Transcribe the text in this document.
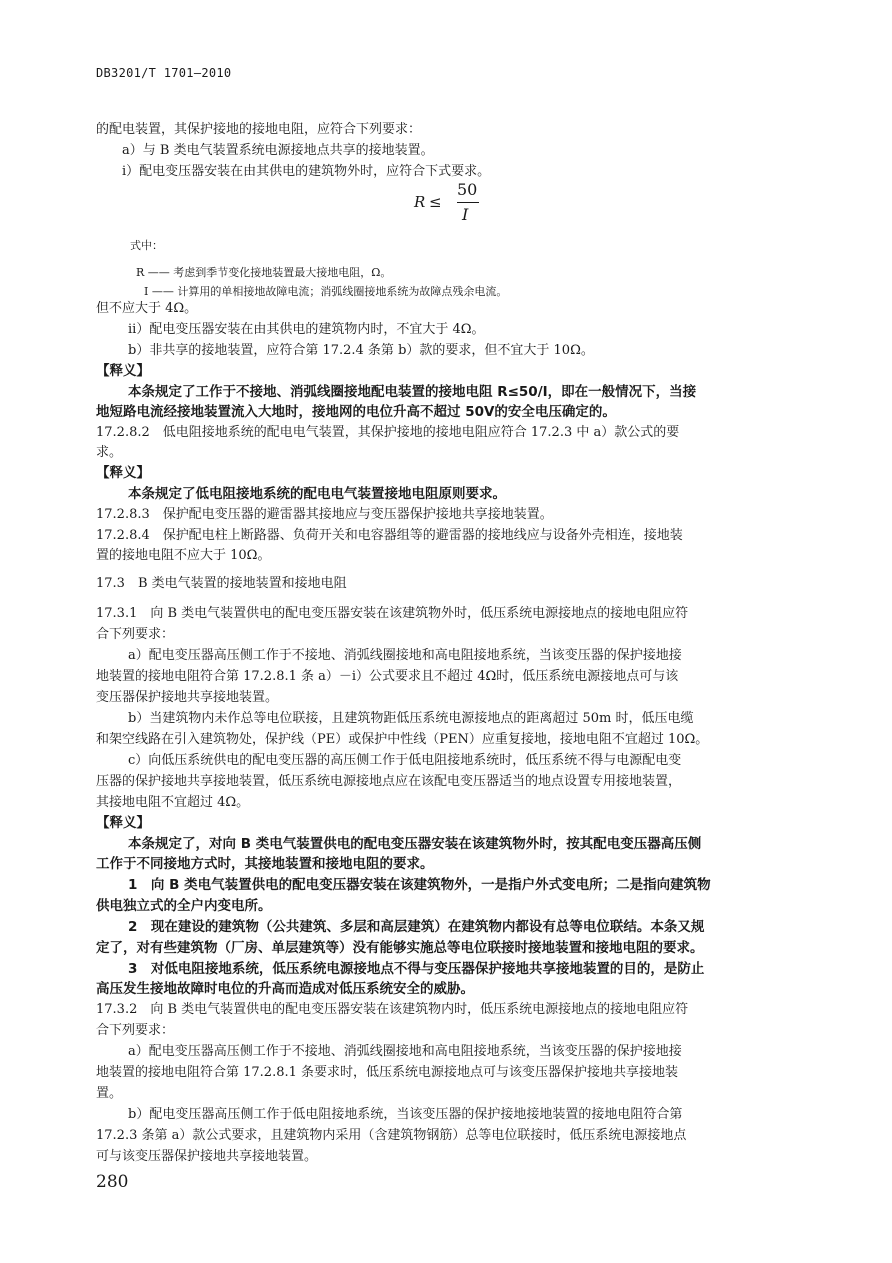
DB3201/T 1701—2010
的配电装置，其保护接地的接地电阻，应符合下列要求：
a）与 B 类电气装置系统电源接地点共享的接地装置。
i）配电变压器安装在由其供电的建筑物外时，应符合下式要求。
R ≤
50
I
式中：
R —— 考虑到季节变化接地装置最大接地电阻，Ω。
I —— 计算用的单相接地故障电流；消弧线圈接地系统为故障点残余电流。
但不应大于 4Ω。
ii）配电变压器安装在由其供电的建筑物内时，不宜大于 4Ω。
b）非共享的接地装置，应符合第 17.2.4 条第 b）款的要求，但不宜大于 10Ω。
【释义】
本条规定了工作于不接地、消弧线圈接地配电装置的接地电阻 R≤50/I，即在一般情况下，当接
地短路电流经接地装置流入大地时，接地网的电位升高不超过 50V的安全电压确定的。
17.2.8.2　低电阻接地系统的配电电气装置，其保护接地的接地电阻应符合 17.2.3 中 a）款公式的要
求。
【释义】
本条规定了低电阻接地系统的配电电气装置接地电阻原则要求。
17.2.8.3　保护配电变压器的避雷器其接地应与变压器保护接地共享接地装置。
17.2.8.4　保护配电柱上断路器、负荷开关和电容器组等的避雷器的接地线应与设备外壳相连，接地装
置的接地电阻不应大于 10Ω。
17.3　B 类电气装置的接地装置和接地电阻
17.3.1　向 B 类电气装置供电的配电变压器安装在该建筑物外时，低压系统电源接地点的接地电阻应符
合下列要求：
a）配电变压器高压侧工作于不接地、消弧线圈接地和高电阻接地系统，当该变压器的保护接地接
地装置的接地电阻符合第 17.2.8.1 条 a）－i）公式要求且不超过 4Ω时，低压系统电源接地点可与该
变压器保护接地共享接地装置。
b）当建筑物内未作总等电位联接，且建筑物距低压系统电源接地点的距离超过 50m 时，低压电缆
和架空线路在引入建筑物处，保护线（PE）或保护中性线（PEN）应重复接地，接地电阻不宜超过 10Ω。
c）向低压系统供电的配电变压器的高压侧工作于低电阻接地系统时，低压系统不得与电源配电变
压器的保护接地共享接地装置，低压系统电源接地点应在该配电变压器适当的地点设置专用接地装置，
其接地电阻不宜超过 4Ω。
【释义】
本条规定了，对向 B 类电气装置供电的配电变压器安装在该建筑物外时，按其配电变压器高压侧
工作于不同接地方式时，其接地装置和接地电阻的要求。
1　向 B 类电气装置供电的配电变压器安装在该建筑物外，一是指户外式变电所；二是指向建筑物
供电独立式的全户内变电所。
2　现在建设的建筑物（公共建筑、多层和高层建筑）在建筑物内都设有总等电位联结。本条又规
定了，对有些建筑物（厂房、单层建筑等）没有能够实施总等电位联接时接地装置和接地电阻的要求。
3　对低电阻接地系统，低压系统电源接地点不得与变压器保护接地共享接地装置的目的，是防止
高压发生接地故障时电位的升高而造成对低压系统安全的威胁。
17.3.2　向 B 类电气装置供电的配电变压器安装在该建筑物内时，低压系统电源接地点的接地电阻应符
合下列要求：
a）配电变压器高压侧工作于不接地、消弧线圈接地和高电阻接地系统，当该变压器的保护接地接
地装置的接地电阻符合第 17.2.8.1 条要求时，低压系统电源接地点可与该变压器保护接地共享接地装
置。
b）配电变压器高压侧工作于低电阻接地系统，当该变压器的保护接地接地装置的接地电阻符合第
17.2.3 条第 a）款公式要求，且建筑物内采用（含建筑物钢筋）总等电位联接时，低压系统电源接地点
可与该变压器保护接地共享接地装置。
280
